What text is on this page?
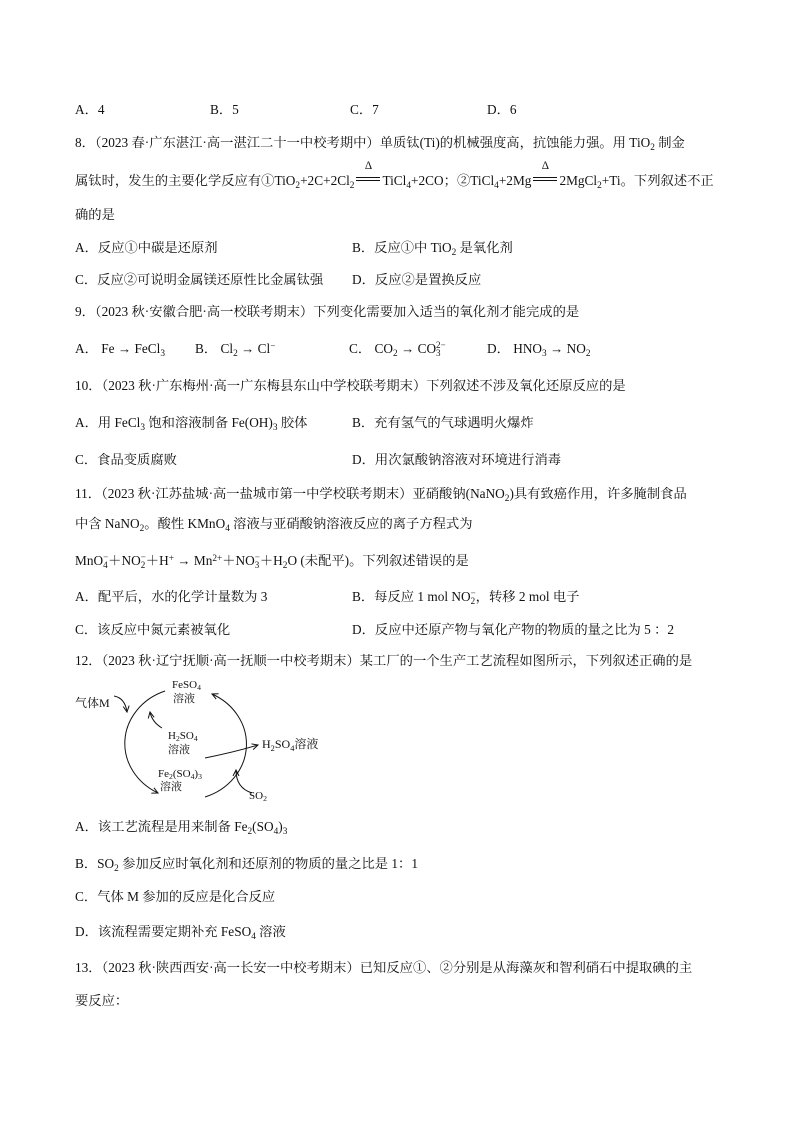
A．4	B．5	C．7	D．6
8．（2023 春·广东湛江·高一湛江二十一中校考期中）单质钛(Ti)的机械强度高，抗蚀能力强。用 TiO$_2$ 制金
属钛时，发生的主要化学反应有$①TiO_2+2C+2Cl_2$
Δ
TiCl$_4$+2CO；②TiCl$_4$+2Mg
Δ
2MgCl$_2$+Ti。下列叙述不正
确的是
A．反应①中碳是还原剂	B．反应①中 TiO$_2$ 是氧化剂
C．反应②可说明金属镁还原性比金属钛强 D．反应②是置换反应
9．（2023 秋·安徽合肥·高一校联考期末）下列变化需要加入适当的氧化剂才能完成的是
A． Fe → FeCl$_3$ B． $Cl_2 \to Cl^-$	C． $CO_2$ → CO 2−
3	D． $HNO_3 \to NO_2$
10．（2023 秋·广东梅州·高一广东梅县东山中学校联考期末）下列叙述不涉及氧化还原反应的是
A．用 FeCl$_3$ 饱和溶液制备 $Fe(OH)_3$ 胶体	B．充有氢气的气球遇明火爆炸
C．食品变质腐败	D．用次氯酸钠溶液对环境进行消毒
11．（2023 秋·江苏盐城·高一盐城市第一中学校联考期末）亚硝酸钠(NaNO$_2$)具有致癌作用，许多腌制食品
中含 NaNO$_2$。酸性 KMnO$_4$ 溶液与亚硝酸钠溶液反应的离子方程式为
MnO −
4 ＋NO −
$2 +H^+ \to Mn^{2+}+NO$ −
$3 +H_2O$ (未配平)。下列叙述错误的是
A．配平后，水的化学计量数为 3	B．每反应 1 mol NO −
2 ，转移 2 mol 电子
C．该反应中氮元素被氧化	D．反应中还原产物与氧化产物的物质的量之比为 5 ：2
12．（2023 秋·辽宁抚顺·高一抚顺一中校考期末）某工厂的一个生产工艺流程如图所示，下列叙述正确的是
FeSO$_4$
溶液
气体M
$H_2SO_4$
溶液	$H_2SO_4$溶液
$Fe_2(SO_4)_3$
溶液
$SO_2$
A．该工艺流程是用来制备 $Fe_2(SO_4)_3$
B．$SO_2$ 参加反应时氧化剂和还原剂的物质的量之比是 1：1
C．气体 M 参加的反应是化合反应
D．该流程需要定期补充 FeSO$_4$ 溶液
13．（2023 秋·陕西西安·高一长安一中校考期末）已知反应①、②分别是从海藻灰和智利硝石中提取碘的主
要反应：
